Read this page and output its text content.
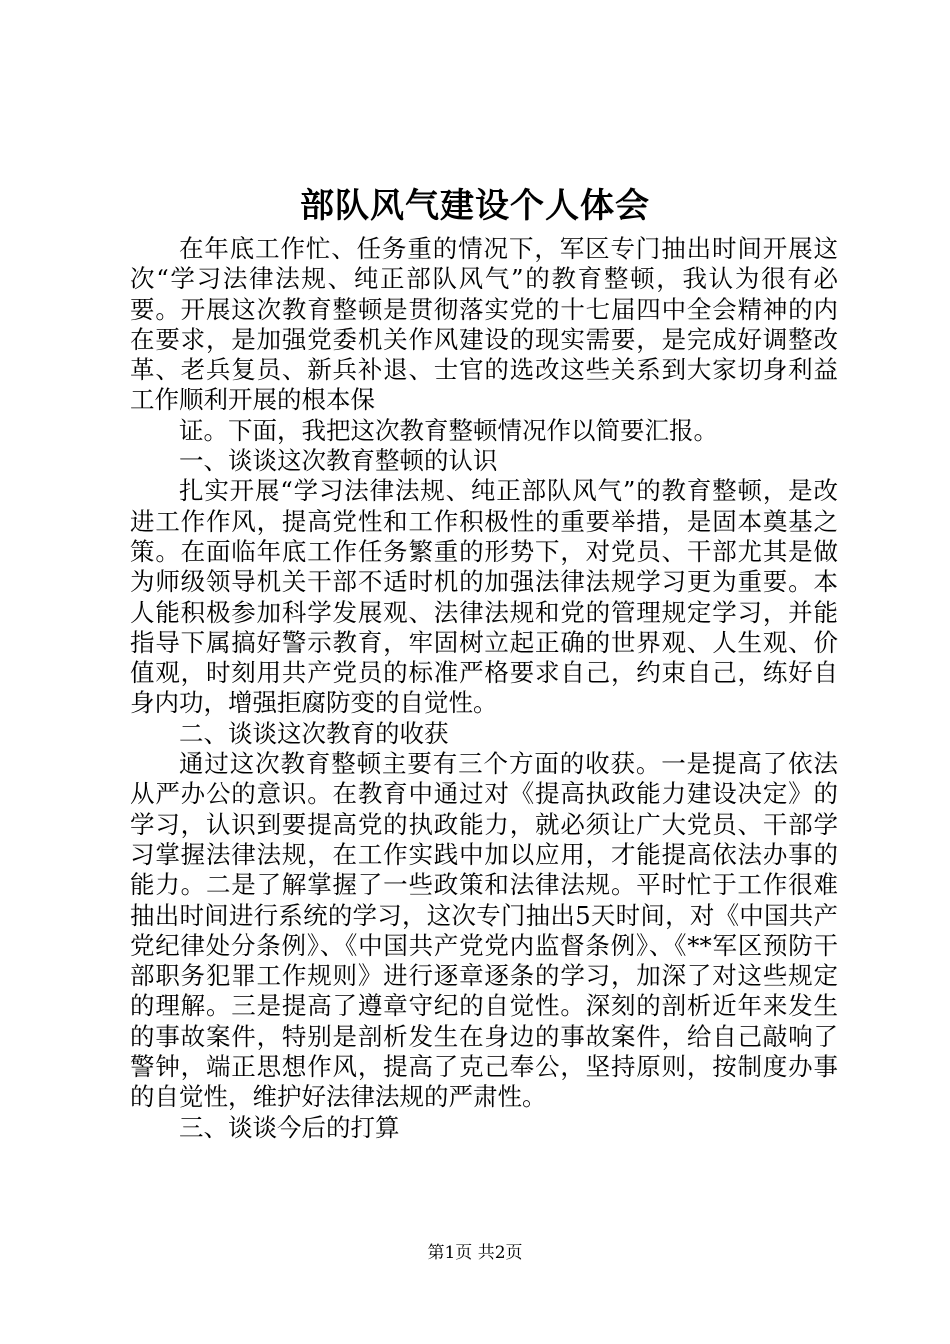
部队风气建设个人体会

在年底工作忙、任务重的情况下，军区专门抽出时间开展这次“学习法律法规、纯正部队风气”的教育整顿，我认为很有必要。开展这次教育整顿是贯彻落实党的十七届四中全会精神的内在要求，是加强党委机关作风建设的现实需要，是完成好调整改革、老兵复员、新兵补退、士官的选改这些关系到大家切身利益工作顺利开展的根本保

证。下面，我把这次教育整顿情况作以简要汇报。

一、谈谈这次教育整顿的认识

扎实开展“学习法律法规、纯正部队风气”的教育整顿，是改进工作作风，提高党性和工作积极性的重要举措，是固本奠基之策。在面临年底工作任务繁重的形势下，对党员、干部尤其是做为师级领导机关干部不适时机的加强法律法规学习更为重要。本人能积极参加科学发展观、法律法规和党的管理规定学习，并能指导下属搞好警示教育，牢固树立起正确的世界观、人生观、价值观，时刻用共产党员的标准严格要求自己，约束自己，练好自身内功，增强拒腐防变的自觉性。

二、谈谈这次教育的收获

通过这次教育整顿主要有三个方面的收获。一是提高了依法从严办公的意识。在教育中通过对《提高执政能力建设决定》的学习，认识到要提高党的执政能力，就必须让广大党员、干部学习掌握法律法规，在工作实践中加以应用，才能提高依法办事的能力。二是了解掌握了一些政策和法律法规。平时忙于工作很难抽出时间进行系统的学习，这次专门抽出5天时间，对《中国共产党纪律处分条例》、《中国共产党党内监督条例》、《**军区预防干部职务犯罪工作规则》进行逐章逐条的学习，加深了对这些规定的理解。三是提高了遵章守纪的自觉性。深刻的剖析近年来发生的事故案件，特别是剖析发生在身边的事故案件，给自己敲响了警钟，端正思想作风，提高了克己奉公，坚持原则，按制度办事的自觉性，维护好法律法规的严肃性。

三、谈谈今后的打算

第1页 共2页
